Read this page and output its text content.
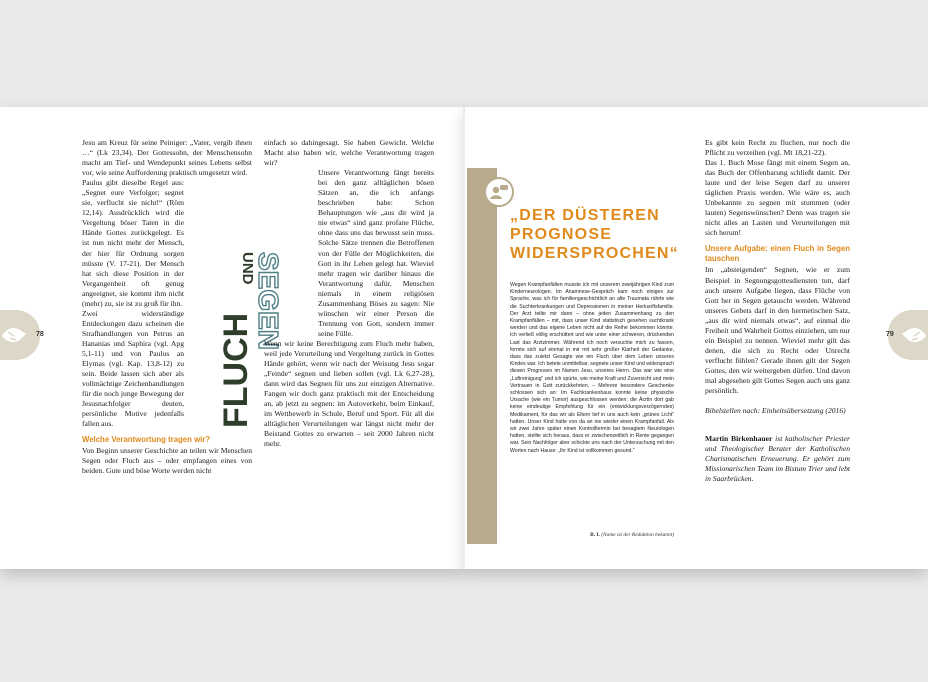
78	79

Jesu am Kreuz für seine Peiniger: „Vater, vergib ihnen …“ (Lk 23,34). Der Gottessohn, der Menschensohn macht am Tief- und Wendepunkt seines Lebens selbst vor, wie seine Aufforderung praktisch umgesetzt wird.

Paulus gibt dieselbe Regel aus: „Segnet eure Verfolger; segnet sie, verflucht sie nicht!“ (Röm 12,14). Ausdrücklich wird die Vergeltung böser Taten in die Hände Gottes zurückgelegt. Es ist nun nicht mehr der Mensch, der hier für Ordnung sorgen müsste (V. 17-21). Der Mensch hat sich diese Position in der Vergangenheit oft genug angeeignet, sie kommt ihm nicht (mehr) zu, sie ist zu groß für ihn.

Zwei widerständige Entdeckungen dazu scheinen die Strafhandlungen von Petrus an Hananias und Saphira (vgl. Apg 5,1-11) und von Paulus an Elymas (vgl. Kap. 13,8-12) zu sein. Beide lassen sich aber als vollmächtige Zeichenhandlungen für die noch junge Bewegung der Jesusnachfolger deuten, persönliche Motive jedenfalls fallen aus.

Welche Verantwortung tragen wir?

Von Beginn unserer Geschichte an teilen wir Menschen Segen oder Fluch aus – oder empfangen eines von beiden. Gute und böse Worte werden nicht

FLUCH
SEGEN
UND

einfach so dahingesagt. Sie haben Gewicht. Welche Macht also haben wir, welche Verantwortung tragen wir?

Unsere Verantwortung fängt bereits bei den ganz alltäglichen bösen Sätzen an, die ich anfangs beschrieben habe: Schon Behauptungen wie „aus dir wird ja nie etwas“ sind ganz profane Flüche, ohne dass uns das bewusst sein muss. Solche Sätze trennen die Betroffenen von der Fülle der Möglichkeiten, die Gott in ihr Leben gelegt hat. Wieviel mehr tragen wir darüber hinaus die Verantwortung dafür, Menschen niemals in einem religiösen Zusammenhang Böses zu sagen: Nie wünschen wir einer Person die Trennung von Gott, sondern immer seine Fülle.

Wenn wir keine Berechtigung zum Fluch mehr haben, weil jede Verurteilung und Vergeltung zurück in Gottes Hände gehört, wenn wir nach der Weisung Jesu sogar „Feinde“ segnen und lieben sollen (vgl. Lk 6,27-28), dann wird das Segnen für uns zur einzigen Alternative. Fangen wir doch ganz praktisch mit der Entscheidung an, ab jetzt zu segnen: im Autoverkehr, beim Einkauf, im Wettbewerb in Schule, Beruf und Sport. Für all die alltäglichen Verurteilungen war längst nicht mehr der Beistand Gottes zu erwarten – seit 2000 Jahren nicht mehr.

„DER DÜSTEREN PROGNOSE WIDERSPROCHEN“
Wegen Krampfanfällen musste ich mit unserem zweijährigen Kind zum Kinderneurologen. Im Anamnese-Gespräch kam noch einiges zur Sprache, was ich für familiengeschichtlich an alte Traumata rührte wie die Suchterkrankungen und Depressionen in meiner Herkunftsfamilie. Der Arzt teilte mir dann – ohne jeden Zusammenhang zu den Krampfanfällen – mit, dass unser Kind statistisch gesehen suchtkrank werden und das eigene Leben nicht auf die Reihe bekommen könnte. Ich verließ völlig erschüttert und wie unter einer schweren, drückenden Last das Arztzimmer. Während ich noch versuchte mich zu fassen, formte sich auf einmal in mir mit sehr großer Klarheit der Gedanke, dass das zuletzt Gesagte wie ein Fluch über dem Leben unseres Kindes war. Ich betete unmittelbar, segnete unser Kind und widersprach diesen Prognosen im Namen Jesu, unseres Herrn. Das war wie eine „Luftreinigung“ und ich spürte, wie meine Kraft und Zuversicht und mein Vertrauen in Gott zurückkehrten. – Mehrere besondere Geschenke schlossen sich an: Im Fachkrankenhaus konnte keine physische Ursache (wie ein Tumor) ausgeschlossen werden; die Ärztin dort gab keine eindeutige Empfehlung für ein (entwicklungsverzögerndes) Medikament, für das wir als Eltern tief in uns auch kein „grünes Licht“ hatten. Unser Kind hatte von da an nie wieder einen Krampfanfall. Als wir zwei Jahre später einen Kontrolltermin bei besagtem Neurologen hatten, stellte sich heraus, dass er zwischenzeitlich in Rente gegangen war. Sein Nachfolger aber schickte uns nach der Untersuchung mit den Worten nach Hause: „Ihr Kind ist vollkommen gesund.“
B. I. (Name ist der Redaktion bekannt)

Es gibt kein Recht zu fluchen, nur noch die Pflicht zu verzeihen (vgl. Mt 18,21-22).

Das 1. Buch Mose fängt mit einem Segen an, das Buch der Offenbarung schließt damit. Der laute und der leise Segen darf zu unserer täglichen Praxis werden. Wie wäre es, auch Unbekannte zu segnen mit stummen (oder lauten) Segenswünschen? Denn was tragen sie nicht alles an Lasten und Verurteilungen mit sich herum!

Unsere Aufgabe: einen Fluch in Segen tauschen

Im „absteigenden“ Segnen, wie er zum Beispiel in Segnungsgottesdiensten tun, darf auch unsere Aufgabe liegen, dass Flüche von Gott her in Segen getauscht werden. Während unseres Gebets darf in den hermetischen Satz, „aus dir wird niemals etwas“, auf einmal die Freiheit und Wahrheit Gottes einziehen, um nur ein Beispiel zu nennen. Wieviel mehr gilt das denen, die sich zu Recht oder Unrecht verflucht fühlen? Gerade ihnen gilt der Segen Gottes, den wir weitergeben dürfen. Und davon mal abgesehen gilt Gottes Segen auch uns ganz persönlich.

Bibelstellen nach: Einheitsübersetzung (2016)

Martin Birkenhauer ist katholischer Priester und Theologischer Berater der Katholischen Charismatischen Erneuerung. Er gehört zum Missionarischen Team im Bistum Trier und lebt in Saarbrücken.
